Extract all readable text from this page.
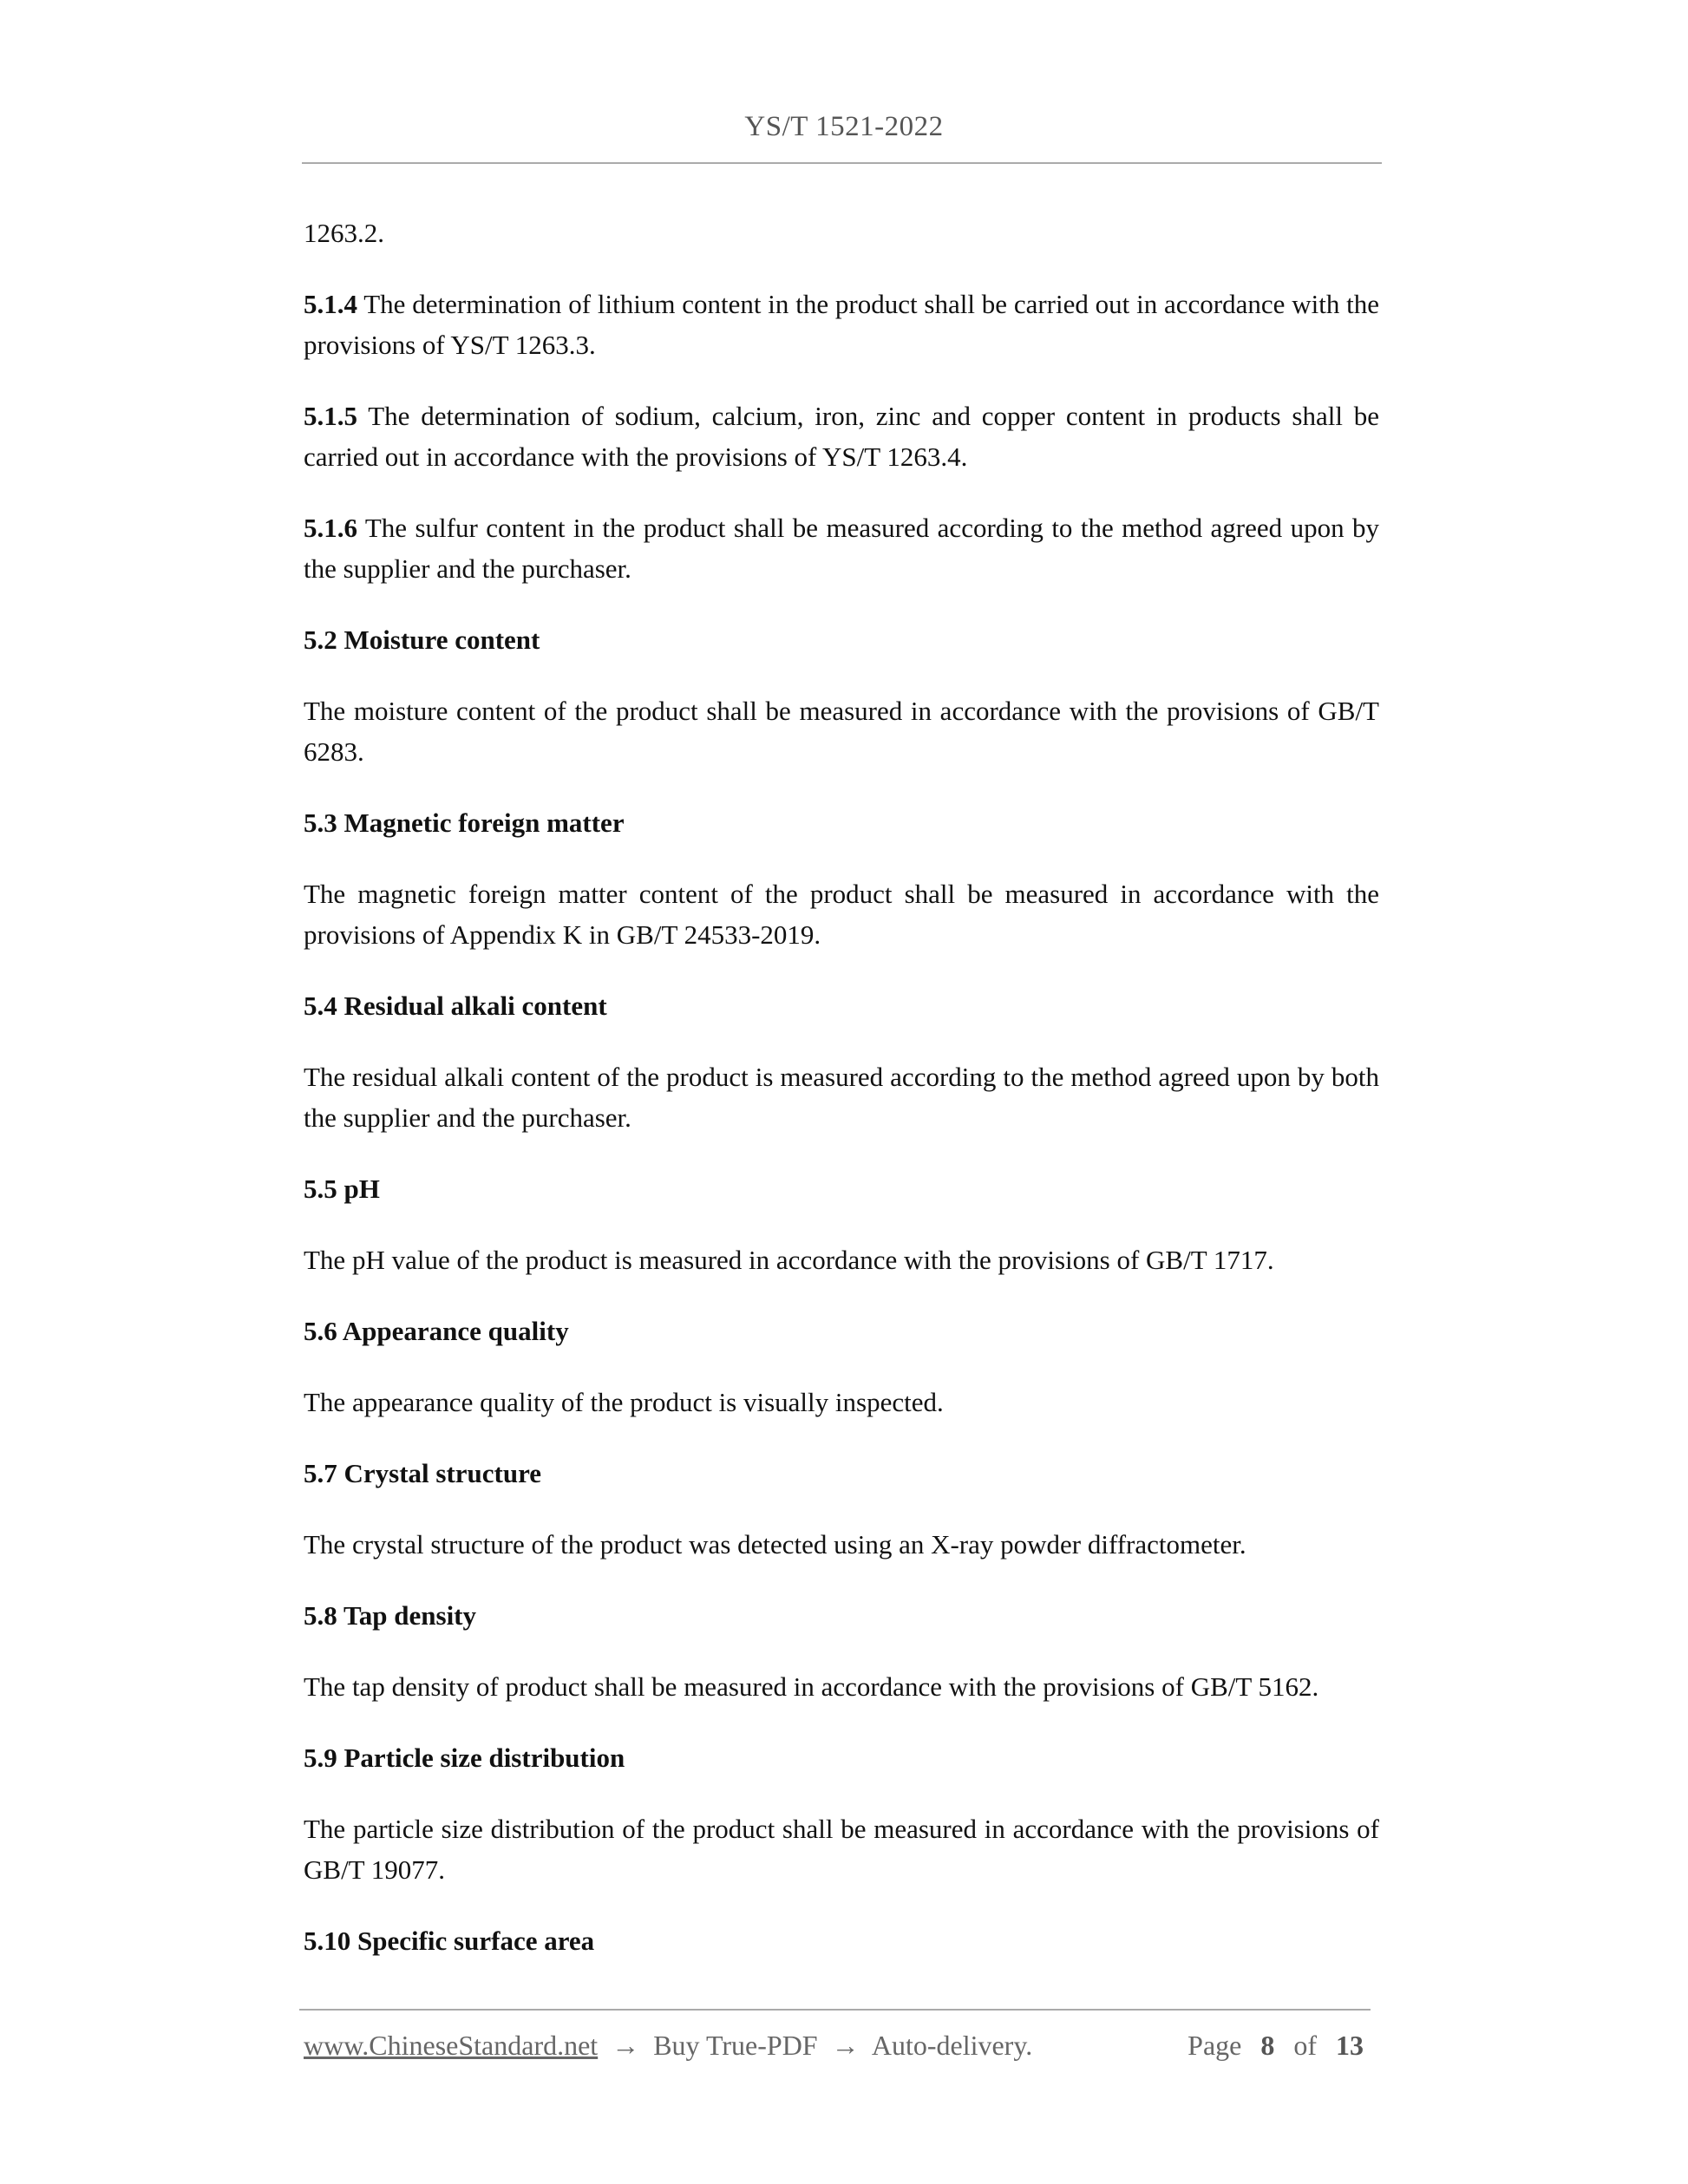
YS/T 1521-2022
1263.2.
5.1.4 The determination of lithium content in the product shall be carried out in accordance with the provisions of YS/T 1263.3.
5.1.5 The determination of sodium, calcium, iron, zinc and copper content in products shall be carried out in accordance with the provisions of YS/T 1263.4.
5.1.6 The sulfur content in the product shall be measured according to the method agreed upon by the supplier and the purchaser.
5.2 Moisture content
The moisture content of the product shall be measured in accordance with the provisions of GB/T 6283.
5.3 Magnetic foreign matter
The magnetic foreign matter content of the product shall be measured in accordance with the provisions of Appendix K in GB/T 24533-2019.
5.4 Residual alkali content
The residual alkali content of the product is measured according to the method agreed upon by both the supplier and the purchaser.
5.5 pH
The pH value of the product is measured in accordance with the provisions of GB/T 1717.
5.6 Appearance quality
The appearance quality of the product is visually inspected.
5.7 Crystal structure
The crystal structure of the product was detected using an X-ray powder diffractometer.
5.8 Tap density
The tap density of product shall be measured in accordance with the provisions of GB/T 5162.
5.9 Particle size distribution
The particle size distribution of the product shall be measured in accordance with the provisions of GB/T 19077.
5.10 Specific surface area
www.ChineseStandard.net → Buy True-PDF → Auto-delivery.	Page 8 of 13
